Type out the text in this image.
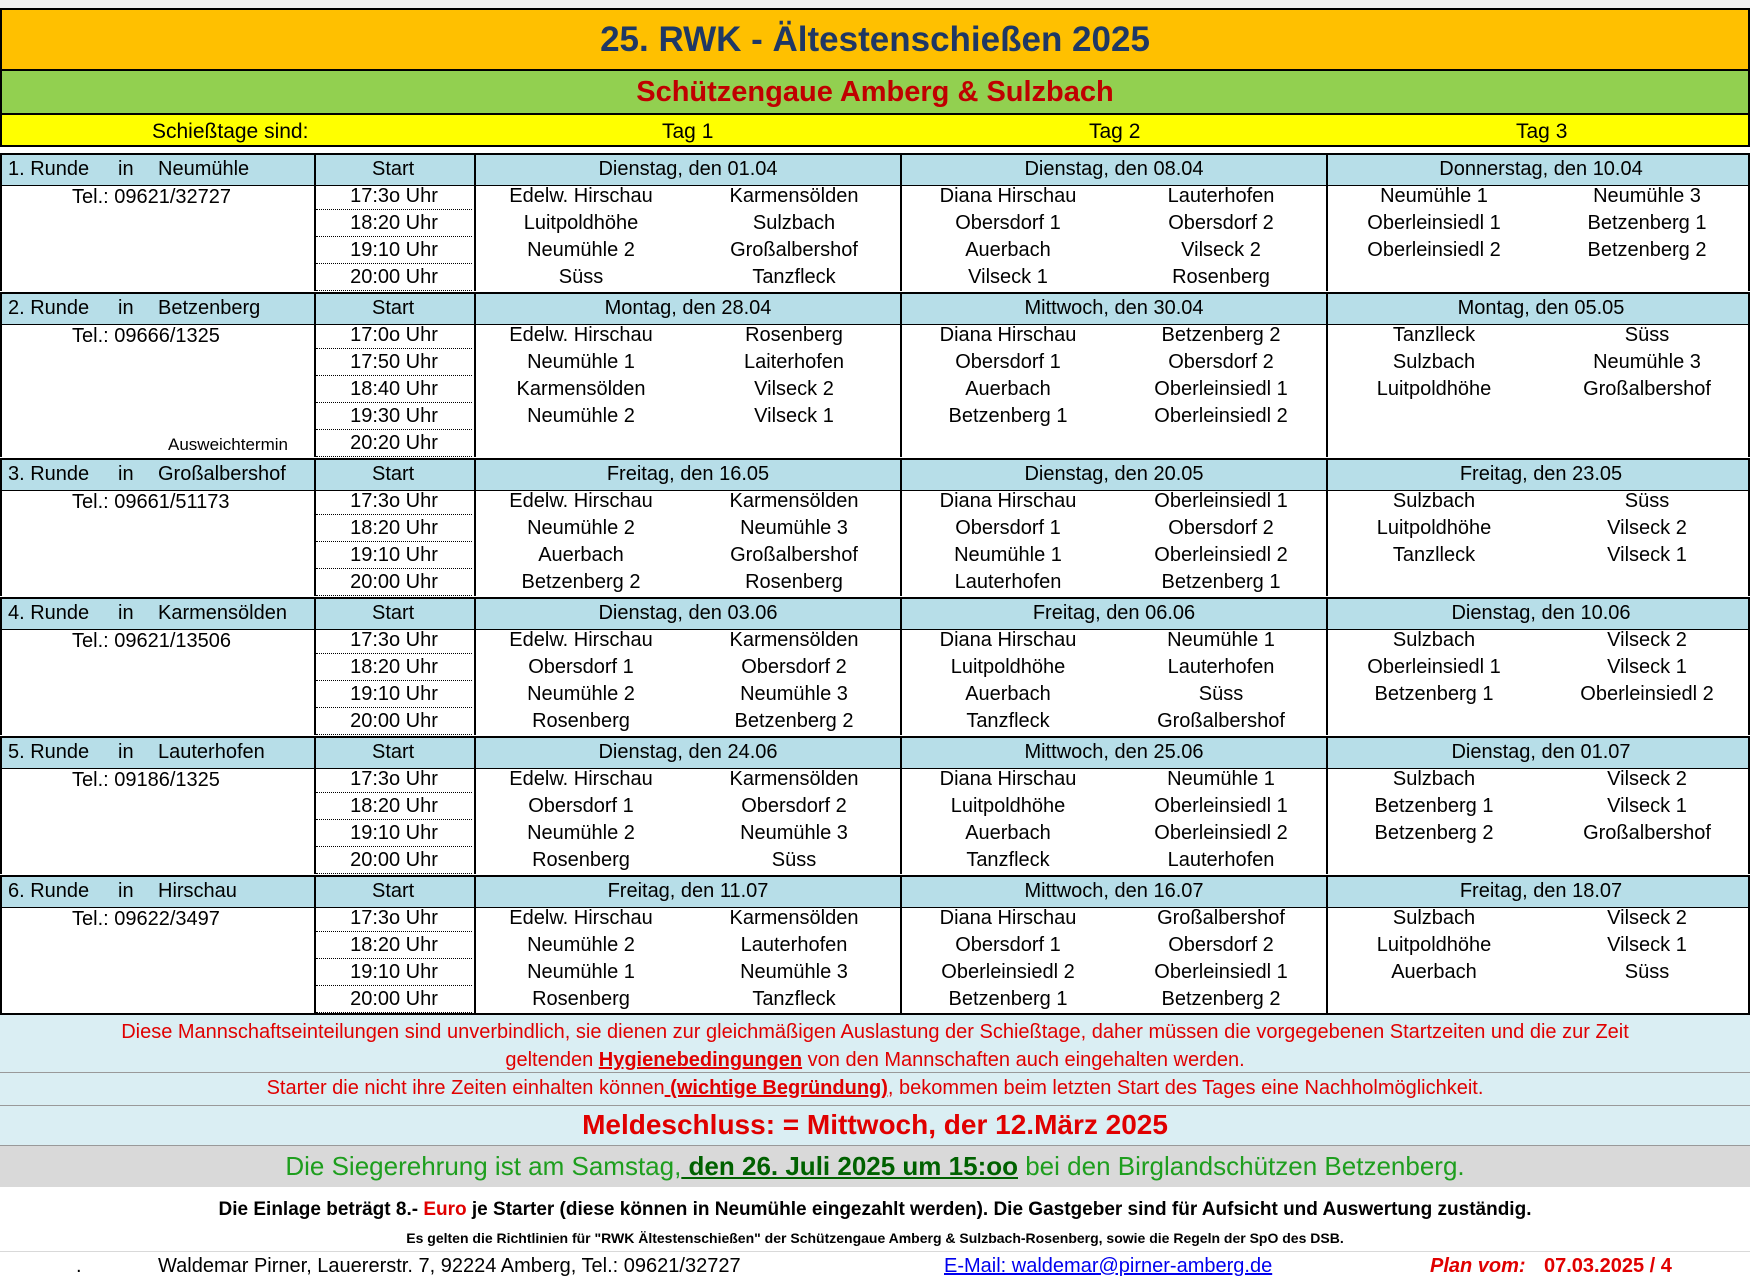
25. RWK - Ältestenschießen 2025
Schützengaue Amberg & Sulzbach
Schießtage sind:	Tag 1	Tag 2	Tag 3
1. Runde in Neumühle	Start	Dienstag, den 01.04	Dienstag, den 08.04	Donnerstag, den 10.04
Tel.: 09621/32727	17:3o Uhr	Edelw. Hirschau	Karmensölden	Diana Hirschau	Lauterhofen	Neumühle 1	Neumühle 3
18:20 Uhr	Luitpoldhöhe	Sulzbach	Obersdorf 1	Obersdorf 2	Oberleinsiedl 1	Betzenberg 1
19:10 Uhr	Neumühle 2	Großalbershof	Auerbach	Vilseck 2	Oberleinsiedl 2	Betzenberg 2
20:00 Uhr	Süss	Tanzfleck	Vilseck 1	Rosenberg
2. Runde in Betzenberg	Start	Montag, den 28.04	Mittwoch, den 30.04	Montag, den 05.05
Tel.: 09666/1325
Ausweichtermin
17:0o Uhr	Edelw. Hirschau	Rosenberg	Diana Hirschau	Betzenberg 2	Tanzlleck	Süss
17:50 Uhr	Neumühle 1	Laiterhofen	Obersdorf 1	Obersdorf 2	Sulzbach	Neumühle 3
18:40 Uhr	Karmensölden	Vilseck 2	Auerbach	Oberleinsiedl 1	Luitpoldhöhe	Großalbershof
19:30 Uhr	Neumühle 2	Vilseck 1	Betzenberg 1	Oberleinsiedl 2
20:20 Uhr
3. Runde in Großalbershof	Start	Freitag, den 16.05	Dienstag, den 20.05	Freitag, den 23.05
Tel.: 09661/51173	17:3o Uhr	Edelw. Hirschau	Karmensölden	Diana Hirschau	Oberleinsiedl 1	Sulzbach	Süss
18:20 Uhr	Neumühle 2	Neumühle 3	Obersdorf 1	Obersdorf 2	Luitpoldhöhe	Vilseck 2
19:10 Uhr	Auerbach	Großalbershof	Neumühle 1	Oberleinsiedl 2	Tanzlleck	Vilseck 1
20:00 Uhr	Betzenberg 2	Rosenberg	Lauterhofen	Betzenberg 1
4. Runde in Karmensölden	Start	Dienstag, den 03.06	Freitag, den 06.06	Dienstag, den 10.06
Tel.: 09621/13506	17:3o Uhr	Edelw. Hirschau	Karmensölden	Diana Hirschau	Neumühle 1	Sulzbach	Vilseck 2
18:20 Uhr	Obersdorf 1	Obersdorf 2	Luitpoldhöhe	Lauterhofen	Oberleinsiedl 1	Vilseck 1
19:10 Uhr	Neumühle 2	Neumühle 3	Auerbach	Süss	Betzenberg 1	Oberleinsiedl 2
20:00 Uhr	Rosenberg	Betzenberg 2	Tanzfleck	Großalbershof
5. Runde in Lauterhofen	Start	Dienstag, den 24.06	Mittwoch, den 25.06	Dienstag, den 01.07
Tel.: 09186/1325	17:3o Uhr	Edelw. Hirschau	Karmensölden	Diana Hirschau	Neumühle 1	Sulzbach	Vilseck 2
18:20 Uhr	Obersdorf 1	Obersdorf 2	Luitpoldhöhe	Oberleinsiedl 1	Betzenberg 1	Vilseck 1
19:10 Uhr	Neumühle 2	Neumühle 3	Auerbach	Oberleinsiedl 2	Betzenberg 2	Großalbershof
20:00 Uhr	Rosenberg	Süss	Tanzfleck	Lauterhofen
6. Runde in Hirschau	Start	Freitag, den 11.07	Mittwoch, den 16.07	Freitag, den 18.07
Tel.: 09622/3497	17:3o Uhr	Edelw. Hirschau	Karmensölden	Diana Hirschau	Großalbershof	Sulzbach	Vilseck 2
18:20 Uhr	Neumühle 2	Lauterhofen	Obersdorf 1	Obersdorf 2	Luitpoldhöhe	Vilseck 1
19:10 Uhr	Neumühle 1	Neumühle 3	Oberleinsiedl 2	Oberleinsiedl 1	Auerbach	Süss
20:00 Uhr	Rosenberg	Tanzfleck	Betzenberg 1	Betzenberg 2
Diese Mannschaftseinteilungen sind unverbindlich, sie dienen zur gleichmäßigen Auslastung der Schießtage, daher müssen die vorgegebenen Startzeiten und die zur Zeit
geltenden Hygienebedingungen von den Mannschaften auch eingehalten werden.
Starter die nicht ihre Zeiten einhalten können (wichtige Begründung), bekommen beim letzten Start des Tages eine Nachholmöglichkeit.
Meldeschluss: = Mittwoch, der 12.März 2025
Die Siegerehrung ist am Samstag, den 26. Juli 2025 um 15:oo bei den Birglandschützen Betzenberg.
Die Einlage beträgt 8.- Euro je Starter (diese können in Neumühle eingezahlt werden). Die Gastgeber sind für Aufsicht und Auswertung zuständig.
Es gelten die Richtlinien für "RWK Ältestenschießen" der Schützengaue Amberg & Sulzbach-Rosenberg, sowie die Regeln der SpO des DSB.
.	Waldemar Pirner, Lauererstr. 7, 92224 Amberg, Tel.: 09621/32727	E-Mail: waldemar@pirner-amberg.de	Plan vom: 07.03.2025 / 4
